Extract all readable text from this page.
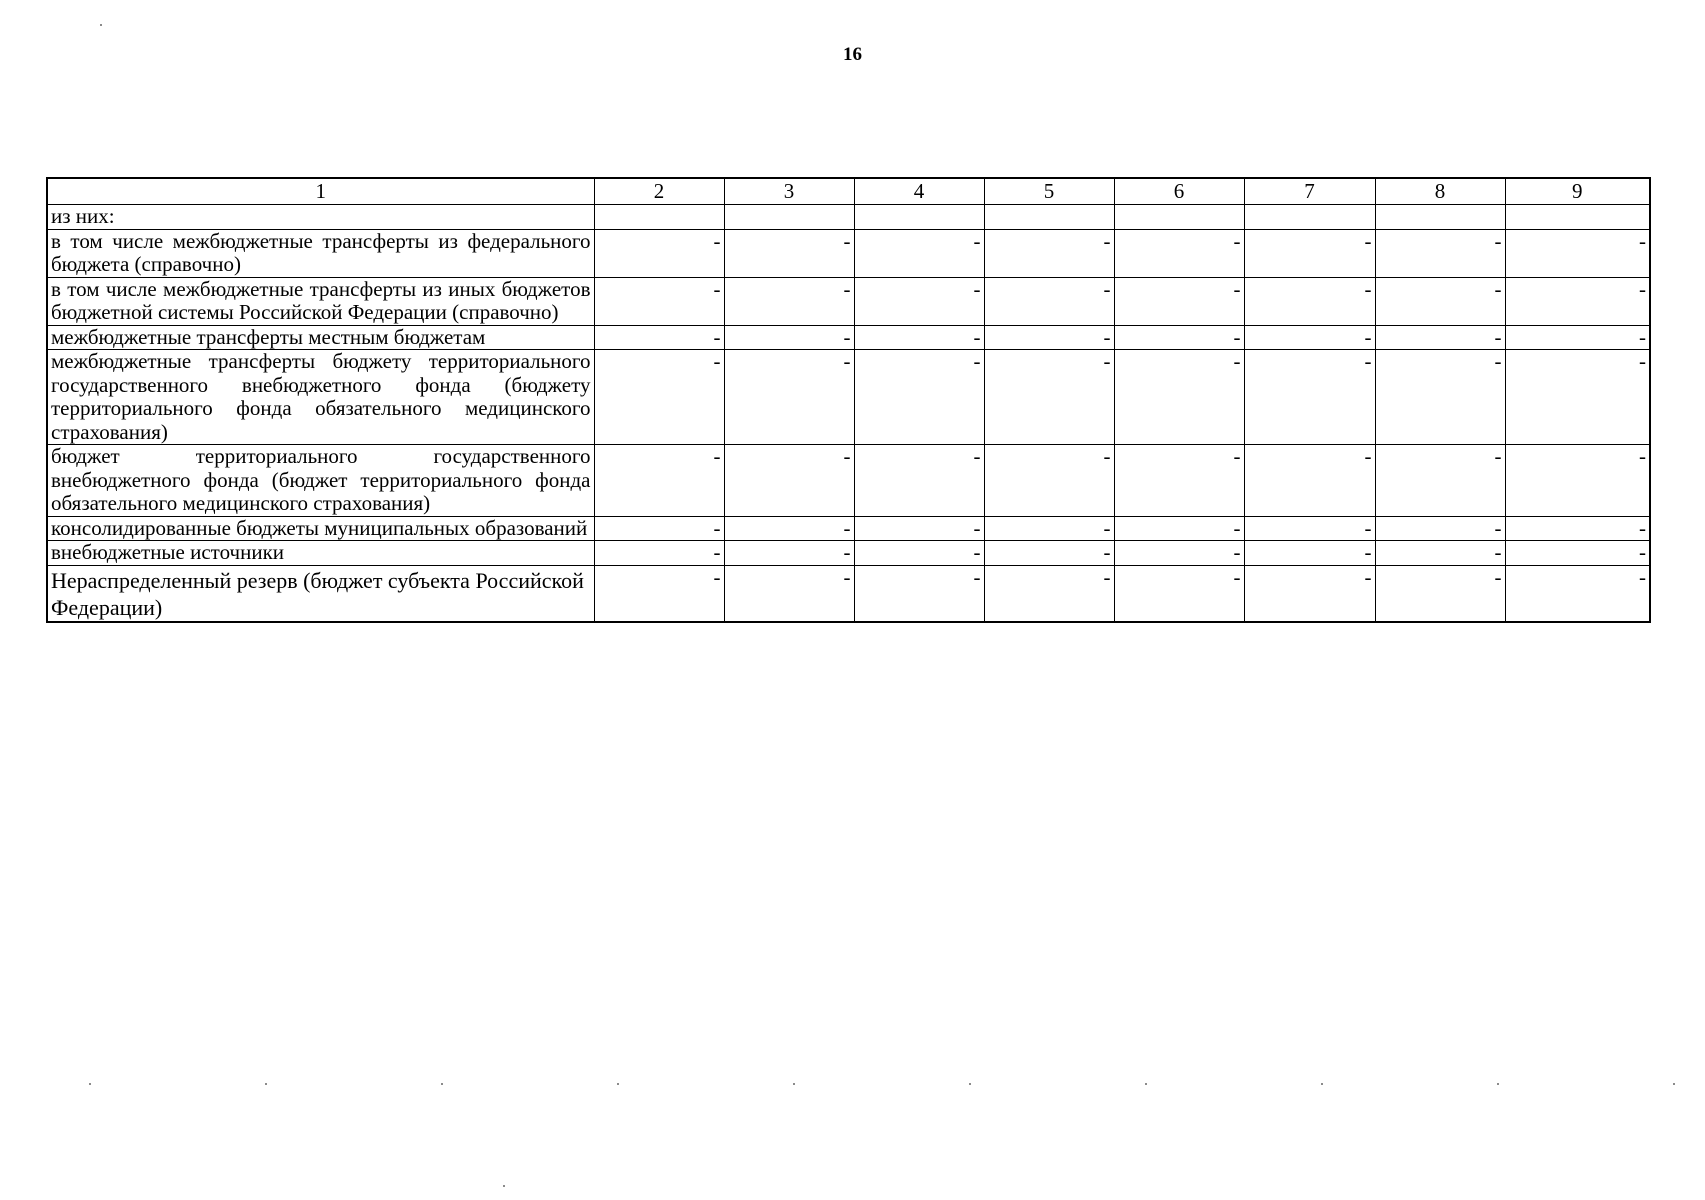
16
1	2	3	4	5	6	7	8	9
из них:								
в том числе межбюджетные трансферты из федерального бюджета (справочно)	-	-	-	-	-	-	-	-
в том числе межбюджетные трансферты из иных бюджетов бюджетной системы Российской Федерации (справочно)	-	-	-	-	-	-	-	-
межбюджетные трансферты местным бюджетам	-	-	-	-	-	-	-	-
межбюджетные трансферты бюджету территориального государственного внебюджетного фонда (бюджету территориального фонда обязательного медицинского страхования)	-	-	-	-	-	-	-	-
бюджет территориального государственного внебюджетного фонда (бюджет территориального фонда обязательного медицинского страхования)	-	-	-	-	-	-	-	-
консолидированные бюджеты муниципальных образований	-	-	-	-	-	-	-	-
внебюджетные источники	-	-	-	-	-	-	-	-
Нераспределенный резерв (бюджет субъекта Российской Федерации)	-	-	-	-	-	-	-	-
